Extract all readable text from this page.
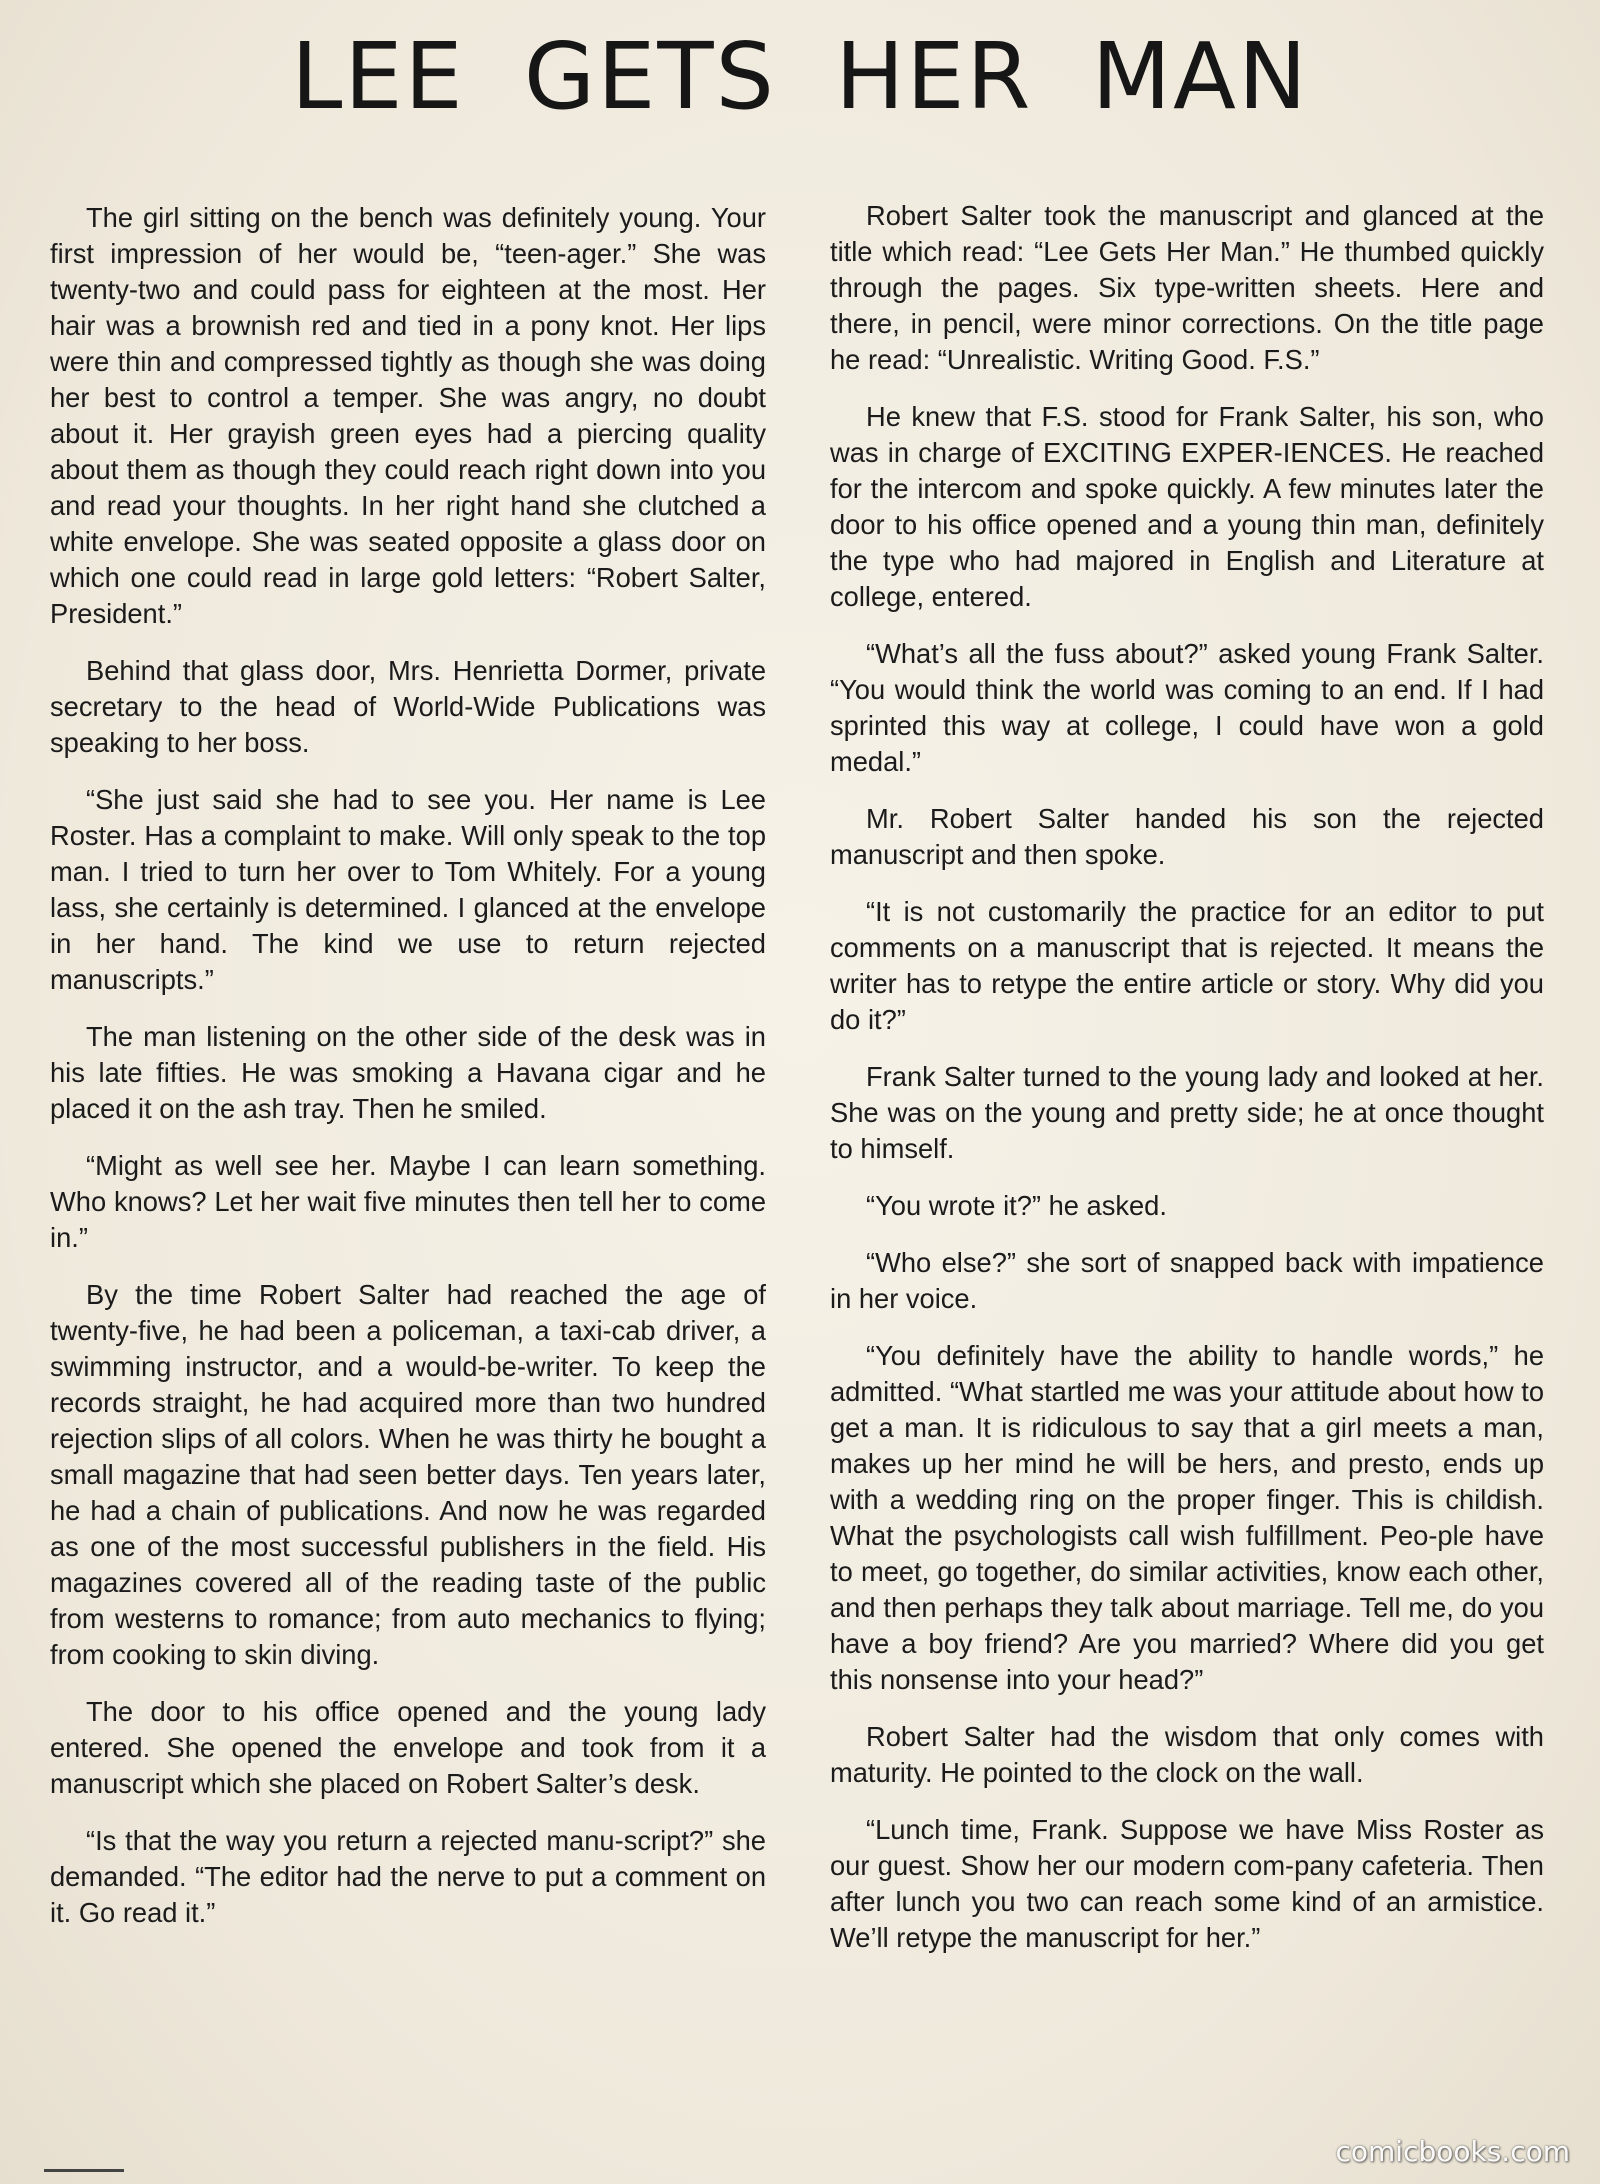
LEE GETS HER MAN

The girl sitting on the bench was definitely young. Your first impression of her would be, “teen-ager.” She was twenty-two and could pass for eighteen at the most. Her hair was a brownish red and tied in a pony knot. Her lips were thin and compressed tightly as though she was doing her best to control a temper. She was angry, no doubt about it. Her grayish green eyes had a piercing quality about them as though they could reach right down into you and read your thoughts. In her right hand she clutched a white envelope. She was seated opposite a glass door on which one could read in large gold letters: “Robert Salter, President.”

Behind that glass door, Mrs. Henrietta Dormer, private secretary to the head of World-Wide Publications was speaking to her boss.

“She just said she had to see you. Her name is Lee Roster. Has a complaint to make. Will only speak to the top man. I tried to turn her over to Tom Whitely. For a young lass, she certainly is determined. I glanced at the envelope in her hand. The kind we use to return rejected manuscripts.”

The man listening on the other side of the desk was in his late fifties. He was smoking a Havana cigar and he placed it on the ash tray. Then he smiled.

“Might as well see her. Maybe I can learn something. Who knows? Let her wait five minutes then tell her to come in.”

By the time Robert Salter had reached the age of twenty-five, he had been a policeman, a taxi-cab driver, a swimming instructor, and a would-be-writer. To keep the records straight, he had acquired more than two hundred rejection slips of all colors. When he was thirty he bought a small magazine that had seen better days. Ten years later, he had a chain of publications. And now he was regarded as one of the most successful publishers in the field. His magazines covered all of the reading taste of the public from westerns to romance; from auto mechanics to flying; from cooking to skin diving.

The door to his office opened and the young lady entered. She opened the envelope and took from it a manuscript which she placed on Robert Salter’s desk.

“Is that the way you return a rejected manu-script?” she demanded. “The editor had the nerve to put a comment on it. Go read it.”

Robert Salter took the manuscript and glanced at the title which read: “Lee Gets Her Man.” He thumbed quickly through the pages. Six type-written sheets. Here and there, in pencil, were minor corrections. On the title page he read: “Unrealistic. Writing Good. F.S.”

He knew that F.S. stood for Frank Salter, his son, who was in charge of EXCITING EXPER-IENCES. He reached for the intercom and spoke quickly. A few minutes later the door to his office opened and a young thin man, definitely the type who had majored in English and Literature at college, entered.

“What’s all the fuss about?” asked young Frank Salter. “You would think the world was coming to an end. If I had sprinted this way at college, I could have won a gold medal.”

Mr. Robert Salter handed his son the rejected manuscript and then spoke.

“It is not customarily the practice for an editor to put comments on a manuscript that is rejected. It means the writer has to retype the entire article or story. Why did you do it?”

Frank Salter turned to the young lady and looked at her. She was on the young and pretty side; he at once thought to himself.

“You wrote it?” he asked.

“Who else?” she sort of snapped back with impatience in her voice.

“You definitely have the ability to handle words,” he admitted. “What startled me was your attitude about how to get a man. It is ridiculous to say that a girl meets a man, makes up her mind he will be hers, and presto, ends up with a wedding ring on the proper finger. This is childish. What the psychologists call wish fulfillment. Peo-ple have to meet, go together, do similar activities, know each other, and then perhaps they talk about marriage. Tell me, do you have a boy friend? Are you married? Where did you get this nonsense into your head?”

Robert Salter had the wisdom that only comes with maturity. He pointed to the clock on the wall.

“Lunch time, Frank. Suppose we have Miss Roster as our guest. Show her our modern com-pany cafeteria. Then after lunch you two can reach some kind of an armistice. We’ll retype the manuscript for her.”

comicbooks.com
